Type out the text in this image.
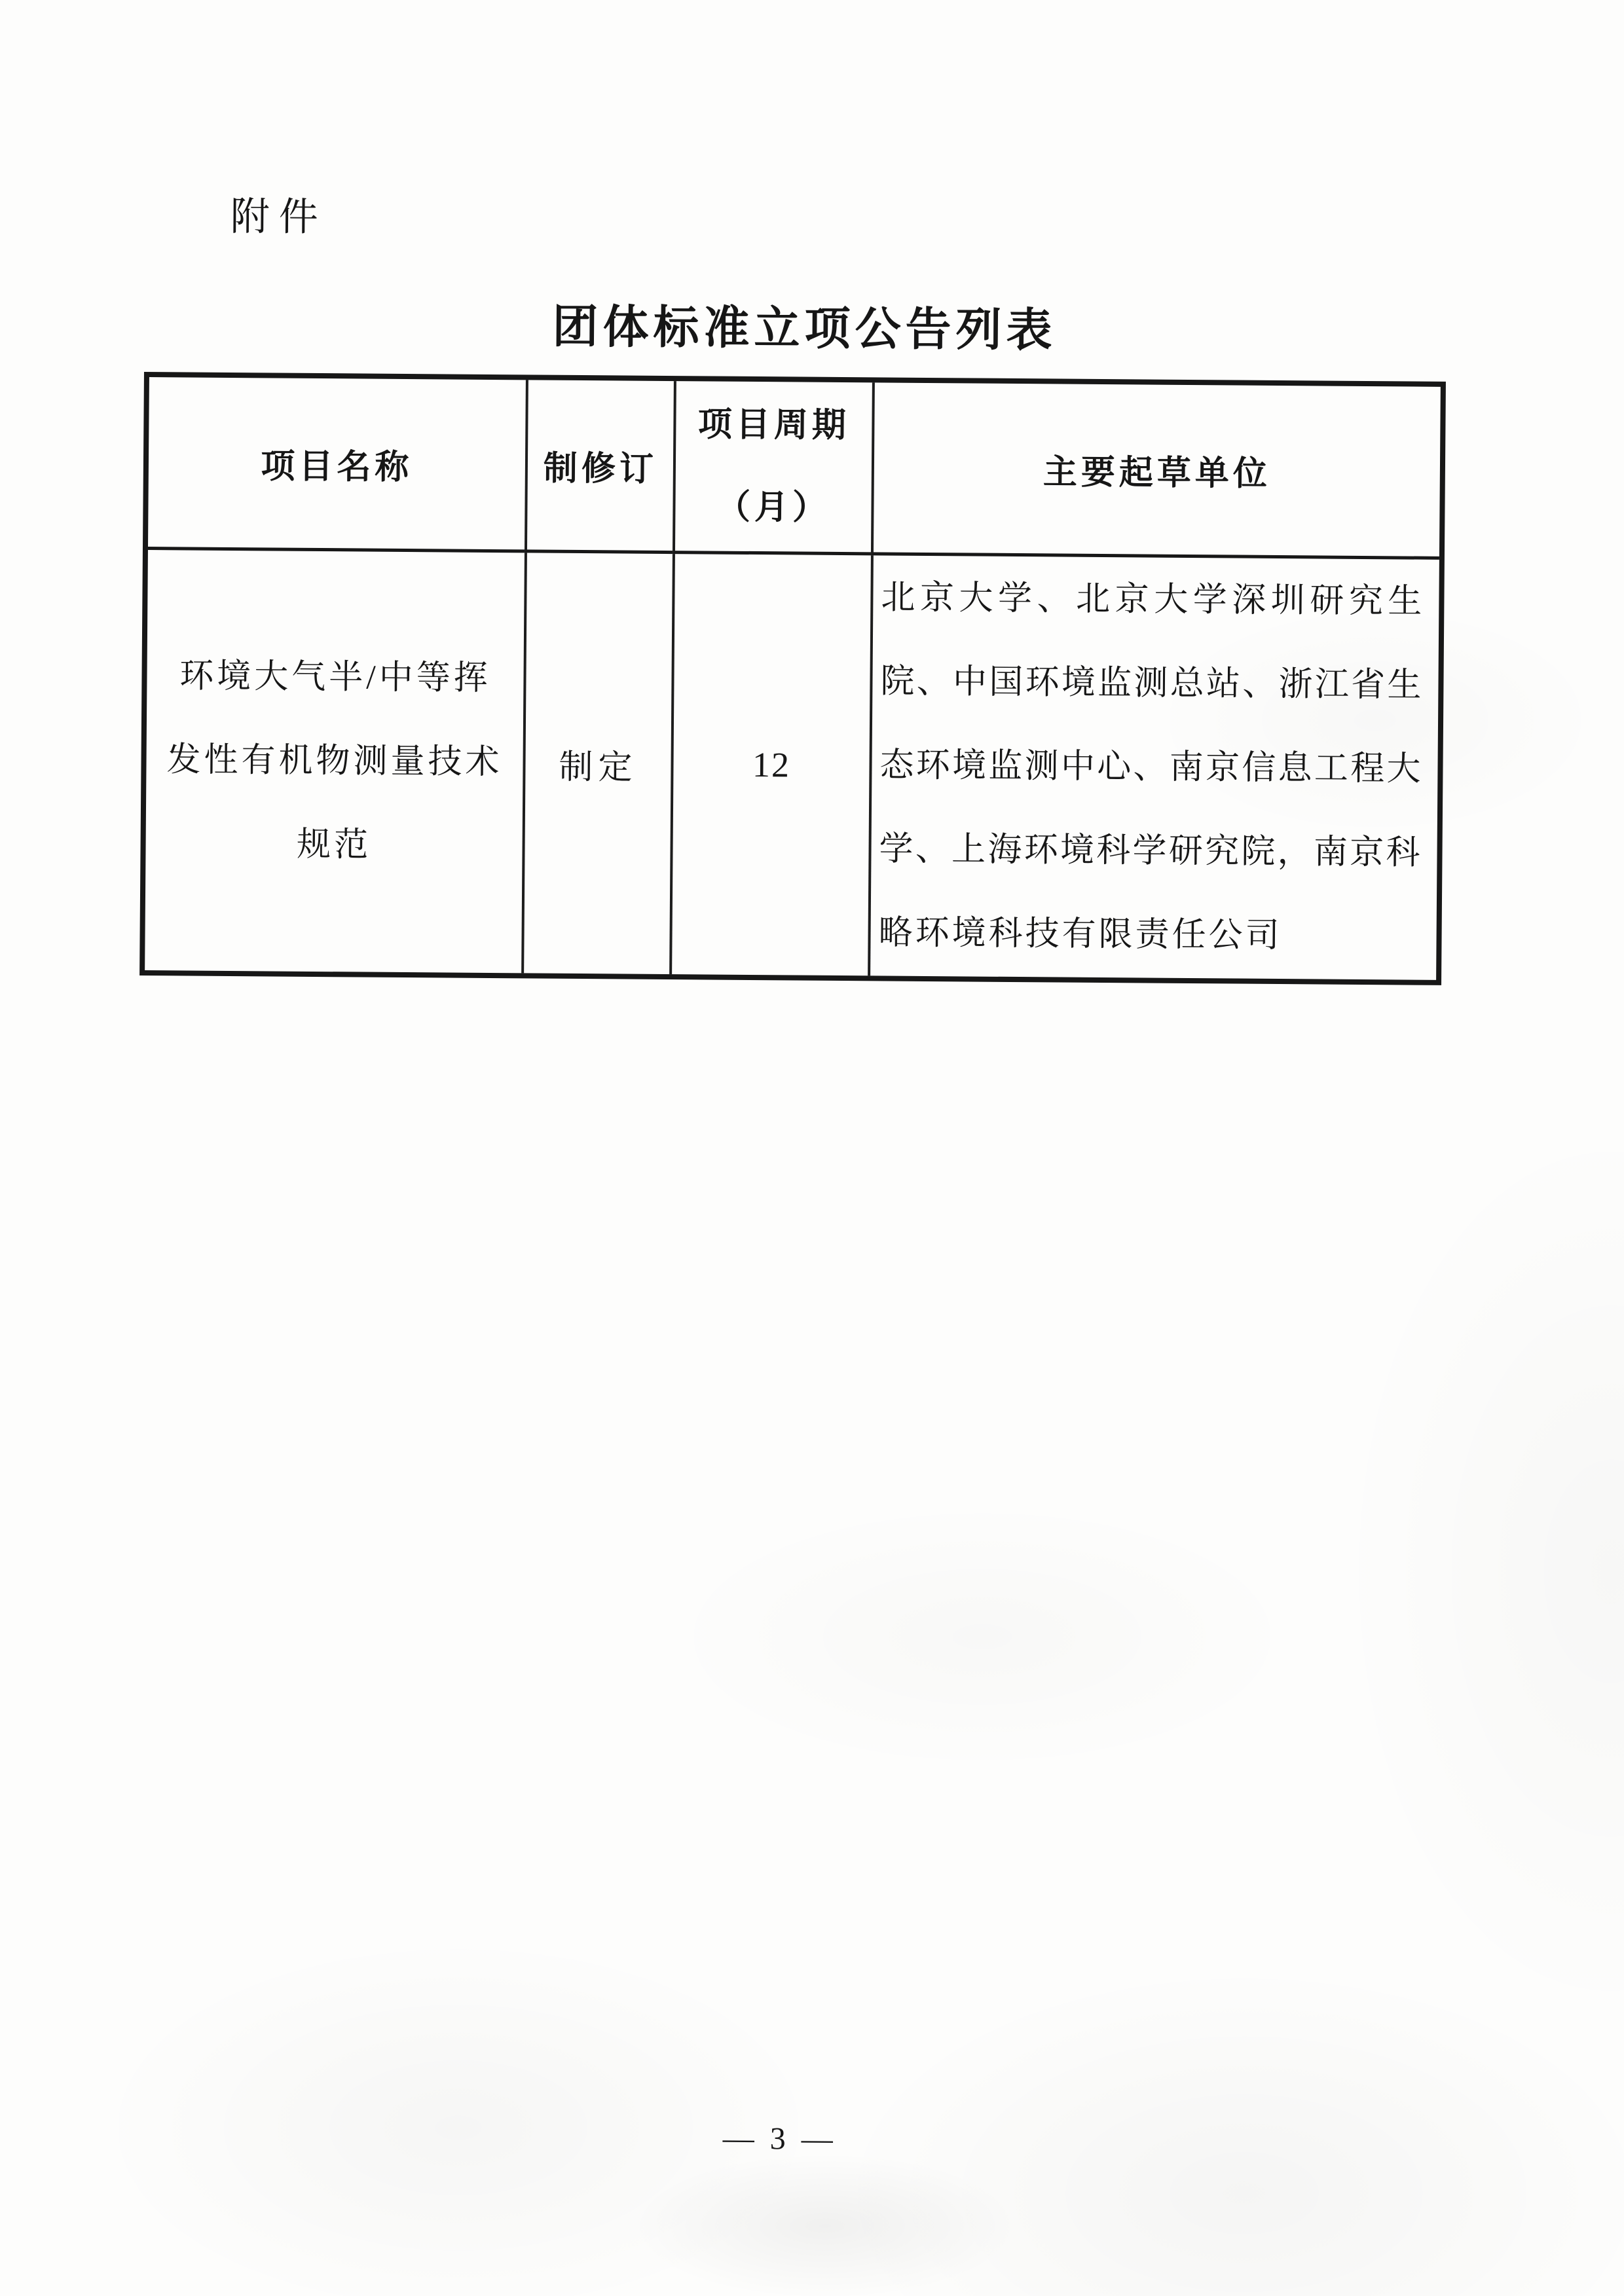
附件
团体标准立项公告列表
项目名称	制修订
项目周期
（月）
主要起草单位
环境大气半/中等挥
发性有机物测量技术
规范
制定	12
北京大学、北京大学深圳研究生
院、中国环境监测总站、浙江省生
态环境监测中心、南京信息工程大
学、上海环境科学研究院，南京科
略环境科技有限责任公司
— 3 —
